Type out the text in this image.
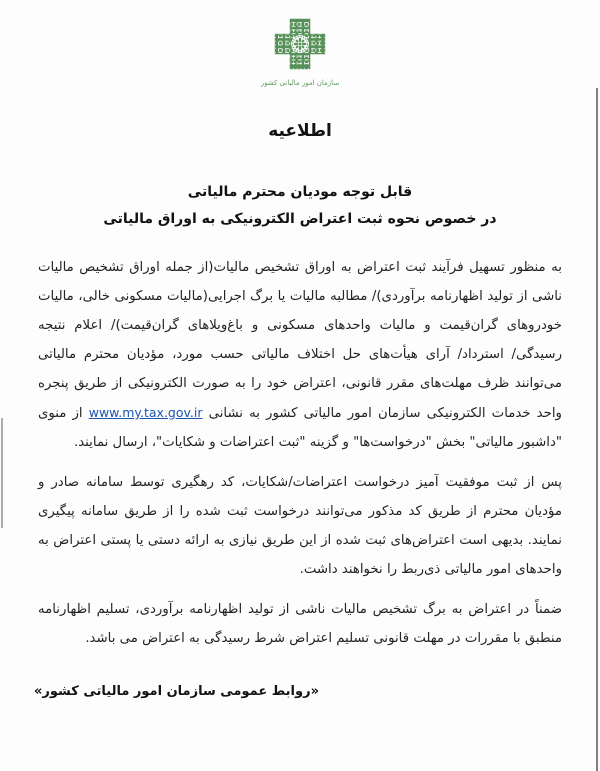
سازمان امور مالیاتی کشور
اطلاعیه
قابل توجه مودیان محترم مالیاتی
در خصوص نحوه ثبت اعتراض الکترونیکی به اوراق مالیاتی

به منظور تسهیل فرآیند ثبت اعتراض به اوراق تشخیص مالیات(از جمله اوراق تشخیص مالیات ناشی از تولید اظهارنامه برآوردی)/ مطالبه مالیات یا برگ اجرایی(مالیات مسکونی خالی، مالیات خودروهای گران‌قیمت و مالیات واحدهای مسکونی و باغ‌ویلاهای گران‌قیمت)/ اعلام نتیجه رسیدگی/ استرداد/ آرای هیأت‌های حل اختلاف مالیاتی حسب مورد، مؤدیان محترم مالیاتی می‌توانند ظرف مهلت‌های مقرر قانونی، اعتراض خود را به صورت الکترونیکی از طریق پنجره واحد خدمات الکترونیکی سازمان امور مالیاتی کشور به نشانی www.my.tax.gov.ir از منوی "داشبور مالیاتی" بخش "درخواست‌ها" و گزینه "ثبت اعتراضات و شکایات"، ارسال نمایند.

پس از ثبت موفقیت آمیز درخواست اعتراضات/شکایات، کد رهگیری توسط سامانه صادر و مؤدیان محترم از طریق کد مذکور می‌توانند درخواست ثبت شده را از طریق سامانه پیگیری نمایند. بدیهی است اعتراض‌های ثبت شده از این طریق نیازی به ارائه دستی یا پستی اعتراض به واحدهای امور مالیاتی ذی‌ربط را نخواهند داشت.

ضمناً در اعتراض به برگ تشخیص مالیات ناشی از تولید اظهارنامه برآوردی، تسلیم اظهارنامه منطبق با مقررات در مهلت قانونی تسلیم اعتراض شرط رسیدگی به اعتراض می باشد.

«روابط عمومی سازمان امور مالیاتی کشور»
